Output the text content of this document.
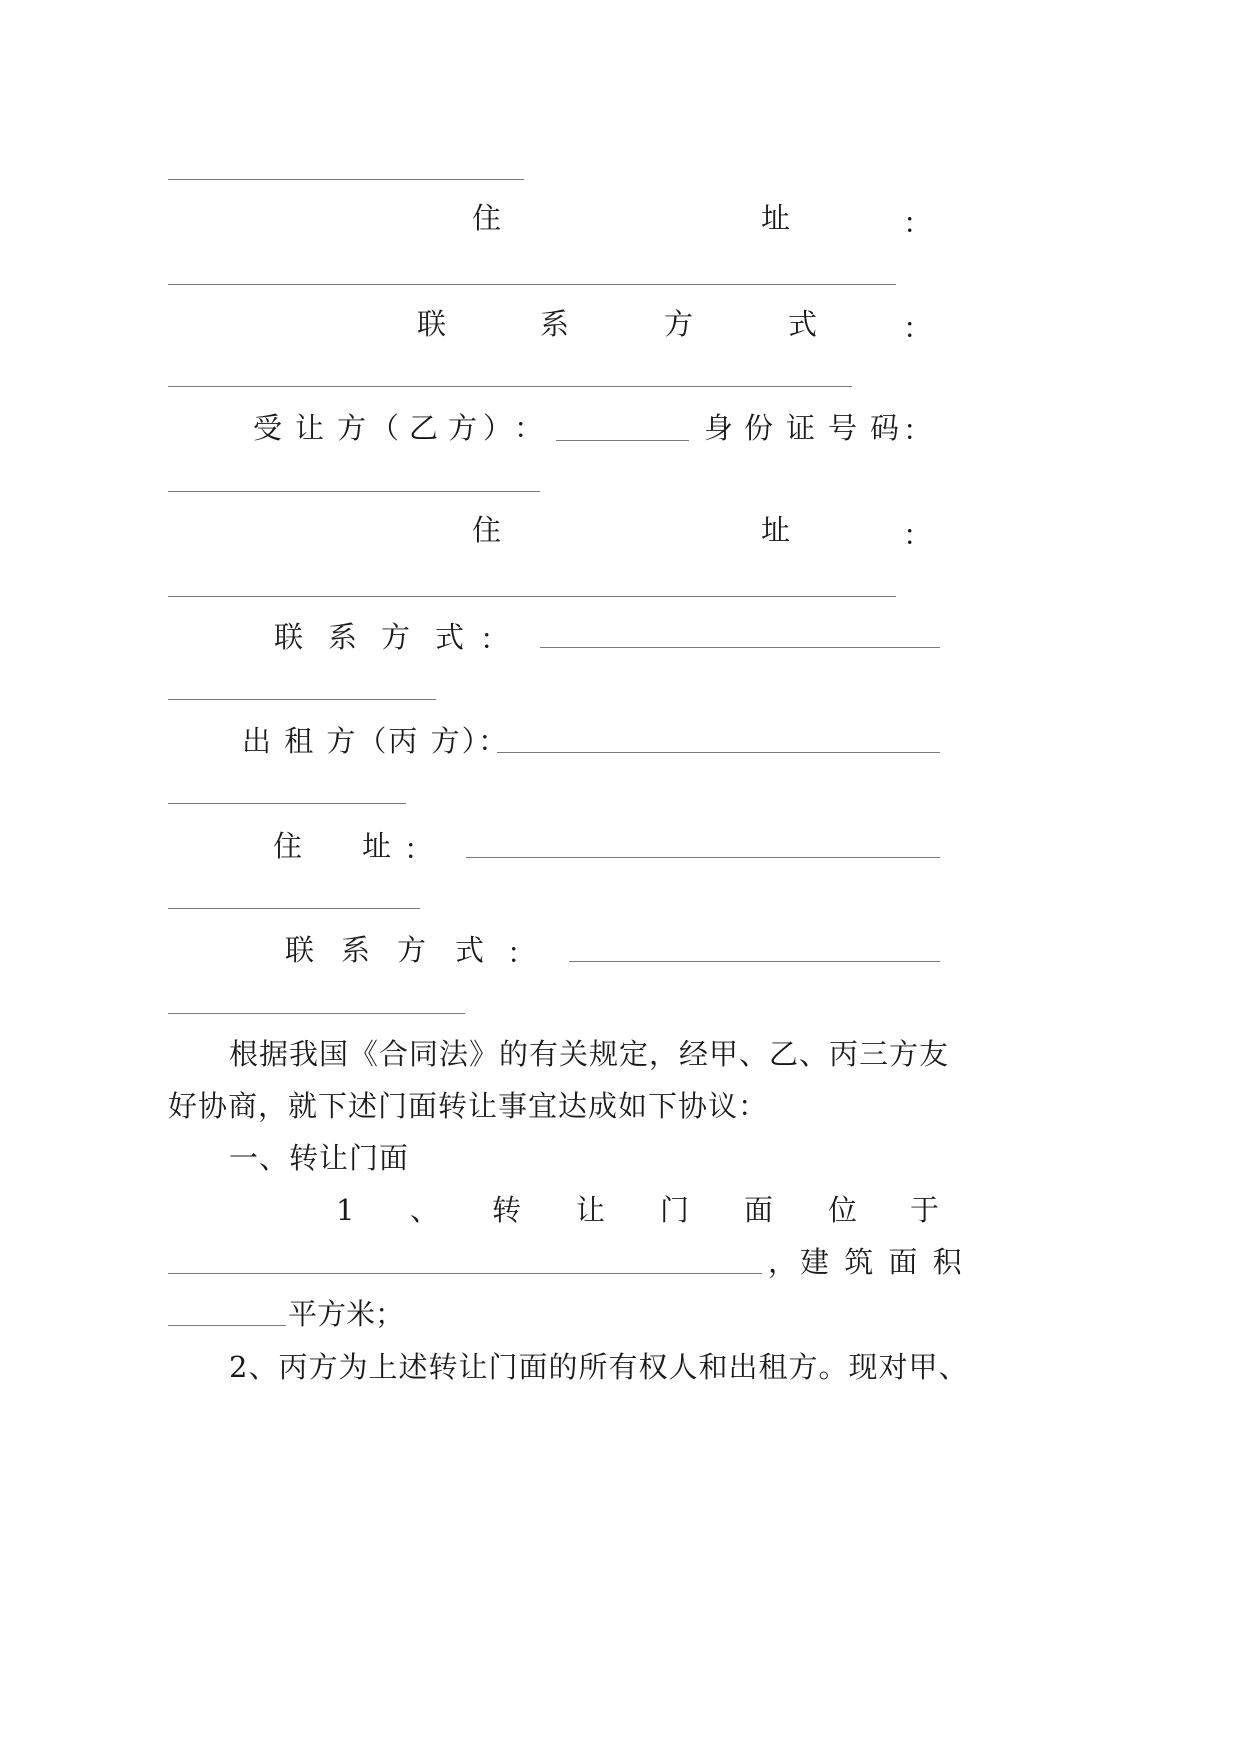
住	址	：
联	系	方	式	：
受 让 方 （ 乙 方 ） ：	身 份 证 号 码 ：
住	址	：
联 系 方 式 ：
出 租 方（丙 方）：
住 址 ：
联 系 方 式 ：
根据我国《合同法》的有关规定，经甲、乙、丙三方友
好协商，就下述门面转让事宜达成如下协议：
一、转让门面
1 、 转 让 门 面 位 于
，建 筑 面 积
平方米；
2、丙方为上述转让门面的所有权人和出租方。现对甲、
